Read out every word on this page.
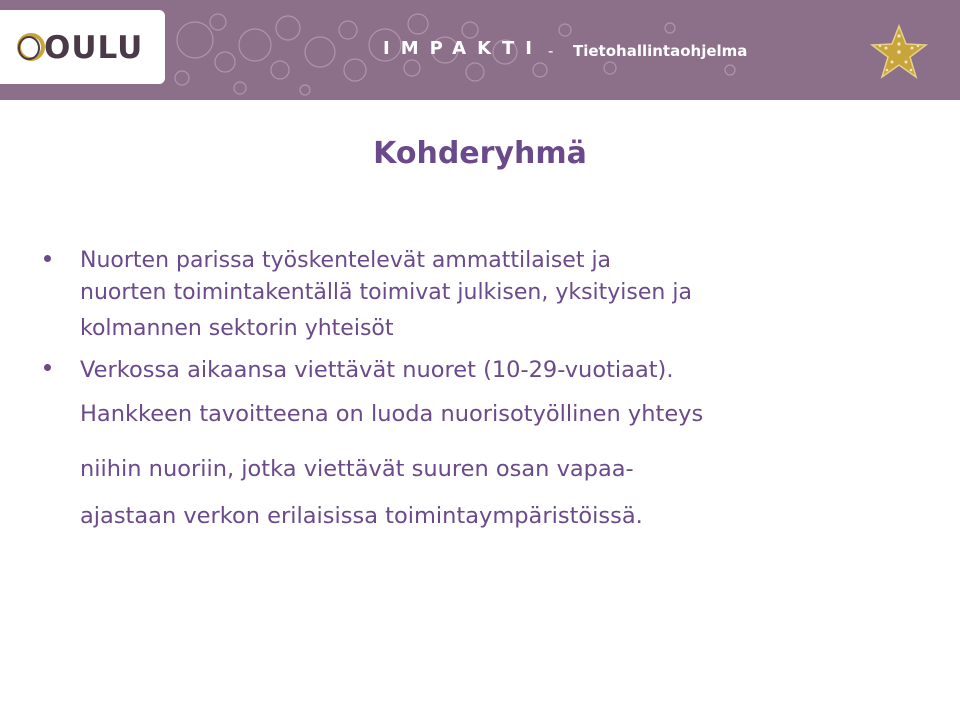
OULU	IMPAKTI - Tietohallintaohjelma
Kohderyhmä
Nuorten parissa työskentelevät ammattilaiset ja
nuorten toimintakentällä toimivat julkisen, yksityisen ja
kolmannen sektorin yhteisöt
Verkossa aikaansa viettävät nuoret (10-29-vuotiaat).
Hankkeen tavoitteena on luoda nuorisotyöllinen yhteys
niihin nuoriin, jotka viettävät suuren osan vapaa-
ajastaan verkon erilaisissa toimintaympäristöissä.
